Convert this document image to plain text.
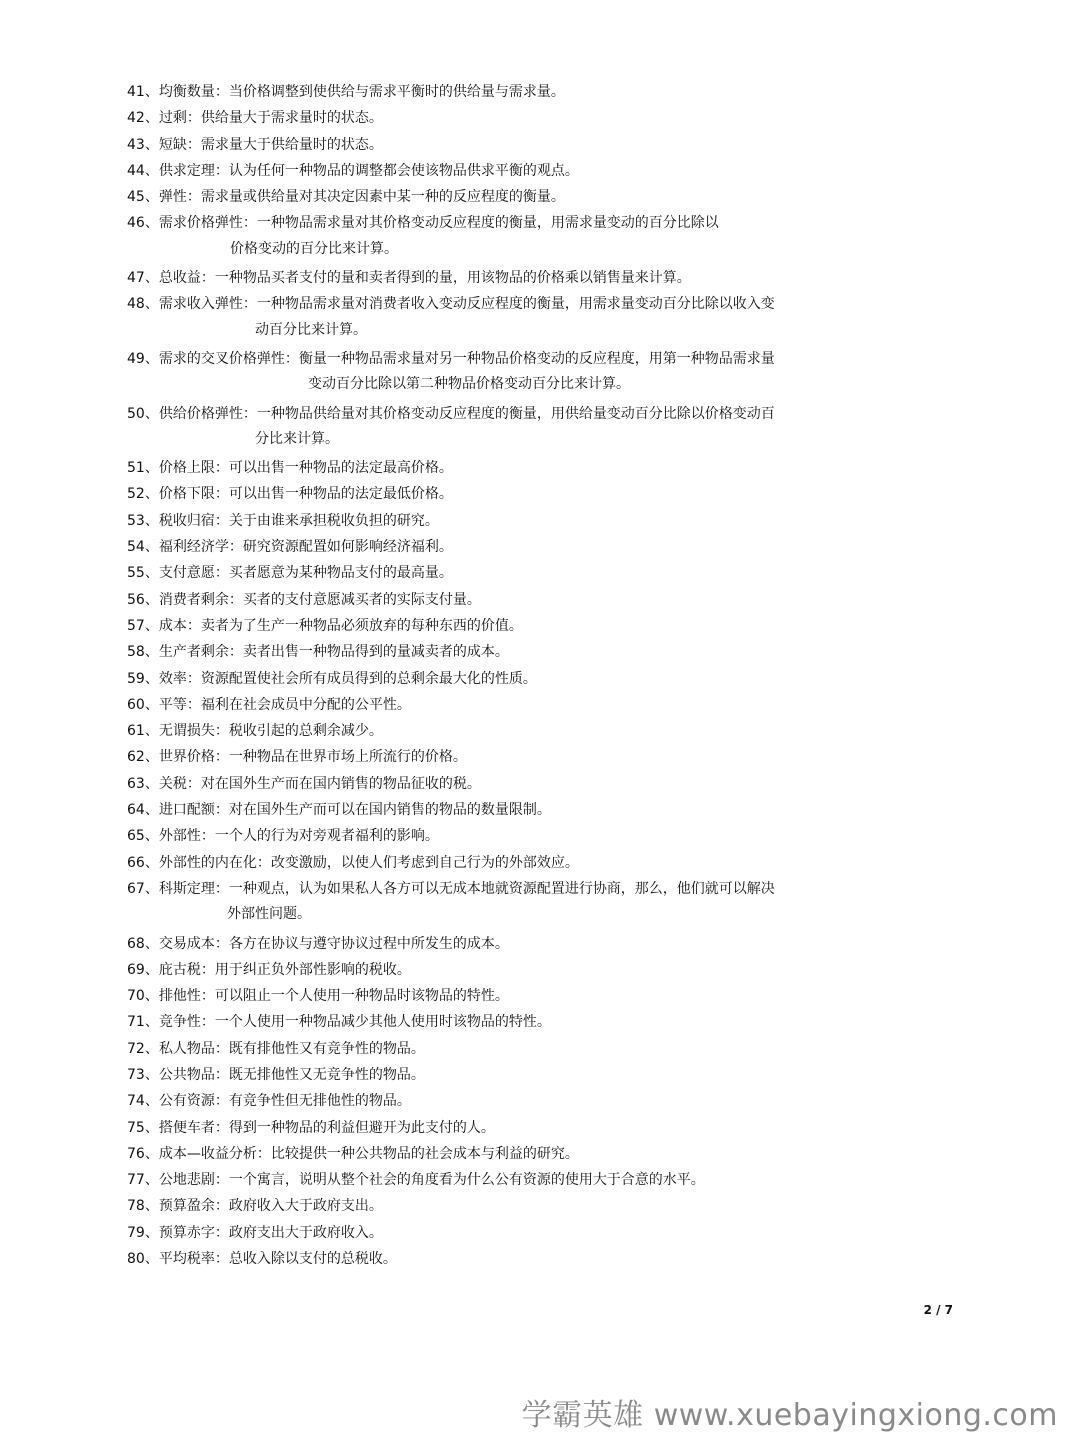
41、均衡数量：当价格调整到使供给与需求平衡时的供给量与需求量。
42、过剩：供给量大于需求量时的状态。
43、短缺：需求量大于供给量时的状态。
44、供求定理：认为任何一种物品的调整都会使该物品供求平衡的观点。
45、弹性：需求量或供给量对其决定因素中某一种的反应程度的衡量。
46、需求价格弹性：一种物品需求量对其价格变动反应程度的衡量，用需求量变动的百分比除以
价格变动的百分比来计算。
47、总收益：一种物品买者支付的量和卖者得到的量，用该物品的价格乘以销售量来计算。
48、需求收入弹性：一种物品需求量对消费者收入变动反应程度的衡量，用需求量变动百分比除以收入变
动百分比来计算。
49、需求的交叉价格弹性：衡量一种物品需求量对另一种物品价格变动的反应程度，用第一种物品需求量
变动百分比除以第二种物品价格变动百分比来计算。
50、供给价格弹性：一种物品供给量对其价格变动反应程度的衡量，用供给量变动百分比除以价格变动百
分比来计算。
51、价格上限：可以出售一种物品的法定最高价格。
52、价格下限：可以出售一种物品的法定最低价格。
53、税收归宿：关于由谁来承担税收负担的研究。
54、福利经济学：研究资源配置如何影响经济福利。
55、支付意愿：买者愿意为某种物品支付的最高量。
56、消费者剩余：买者的支付意愿减买者的实际支付量。
57、成本：卖者为了生产一种物品必须放弃的每种东西的价值。
58、生产者剩余：卖者出售一种物品得到的量减卖者的成本。
59、效率：资源配置使社会所有成员得到的总剩余最大化的性质。
60、平等：福利在社会成员中分配的公平性。
61、无谓损失：税收引起的总剩余减少。
62、世界价格：一种物品在世界市场上所流行的价格。
63、关税：对在国外生产而在国内销售的物品征收的税。
64、进口配额：对在国外生产而可以在国内销售的物品的数量限制。
65、外部性：一个人的行为对旁观者福利的影响。
66、外部性的内在化：改变激励，以使人们考虑到自己行为的外部效应。
67、科斯定理：一种观点，认为如果私人各方可以无成本地就资源配置进行协商，那么，他们就可以解决
外部性问题。
68、交易成本：各方在协议与遵守协议过程中所发生的成本。
69、庇古税：用于纠正负外部性影响的税收。
70、排他性：可以阻止一个人使用一种物品时该物品的特性。
71、竞争性：一个人使用一种物品减少其他人使用时该物品的特性。
72、私人物品：既有排他性又有竞争性的物品。
73、公共物品：既无排他性又无竞争性的物品。
74、公有资源：有竞争性但无排他性的物品。
75、搭便车者：得到一种物品的利益但避开为此支付的人。
76、成本—收益分析：比较提供一种公共物品的社会成本与利益的研究。
77、公地悲剧：一个寓言，说明从整个社会的角度看为什么公有资源的使用大于合意的水平。
78、预算盈余：政府收入大于政府支出。
79、预算赤字：政府支出大于政府收入。
80、平均税率：总收入除以支付的总税收。
2 / 7
学霸英雄 www.xuebayingxiong.com
